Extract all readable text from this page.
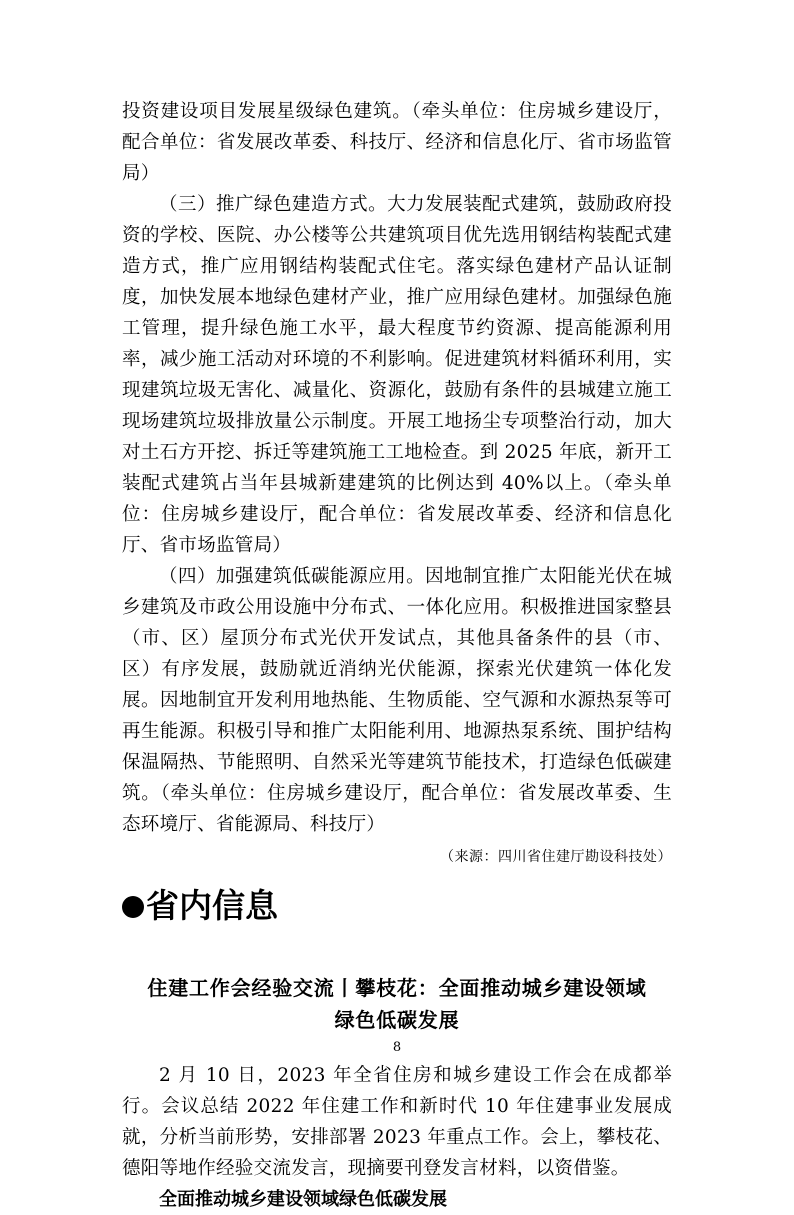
投资建设项目发展星级绿色建筑。（牵头单位：住房城乡建设厅，配合单位：省发展改革委、科技厅、经济和信息化厅、省市场监管局）

（三）推广绿色建造方式。大力发展装配式建筑，鼓励政府投资的学校、医院、办公楼等公共建筑项目优先选用钢结构装配式建造方式，推广应用钢结构装配式住宅。落实绿色建材产品认证制度，加快发展本地绿色建材产业，推广应用绿色建材。加强绿色施工管理，提升绿色施工水平，最大程度节约资源、提高能源利用率，减少施工活动对环境的不利影响。促进建筑材料循环利用，实现建筑垃圾无害化、减量化、资源化，鼓励有条件的县城建立施工现场建筑垃圾排放量公示制度。开展工地扬尘专项整治行动，加大对土石方开挖、拆迁等建筑施工工地检查。到 2025 年底，新开工装配式建筑占当年县城新建建筑的比例达到 40%以上。（牵头单位：住房城乡建设厅，配合单位：省发展改革委、经济和信息化厅、省市场监管局）

（四）加强建筑低碳能源应用。因地制宜推广太阳能光伏在城乡建筑及市政公用设施中分布式、一体化应用。积极推进国家整县（市、区）屋顶分布式光伏开发试点，其他具备条件的县（市、区）有序发展，鼓励就近消纳光伏能源，探索光伏建筑一体化发展。因地制宜开发利用地热能、生物质能、空气源和水源热泵等可再生能源。积极引导和推广太阳能利用、地源热泵系统、围护结构保温隔热、节能照明、自然采光等建筑节能技术，打造绿色低碳建筑。（牵头单位：住房城乡建设厅，配合单位：省发展改革委、生态环境厅、省能源局、科技厅）

（来源：四川省住建厅勘设科技处）

省内信息
住建工作会经验交流丨攀枝花：全面推动城乡建设领域
绿色低碳发展

2 月 10 日，2023 年全省住房和城乡建设工作会在成都举行。会议总结 2022 年住建工作和新时代 10 年住建事业发展成就，分析当前形势，安排部署 2023 年重点工作。会上，攀枝花、德阳等地作经验交流发言，现摘要刊登发言材料，以资借鉴。

全面推动城乡建设领域绿色低碳发展

8
